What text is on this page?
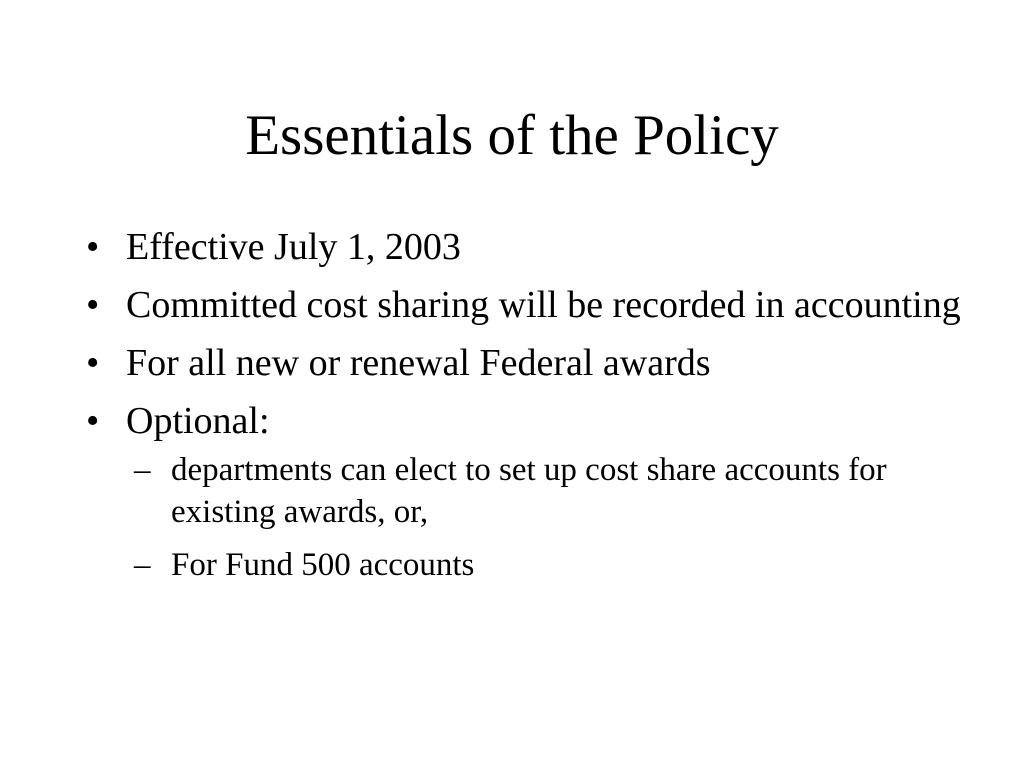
Essentials of the Policy
• Effective July 1, 2003
• Committed cost sharing will be recorded in accounting
• For all new or renewal Federal awards
• Optional:
– departments can elect to set up cost share accounts for existing awards, or,
– For Fund 500 accounts
